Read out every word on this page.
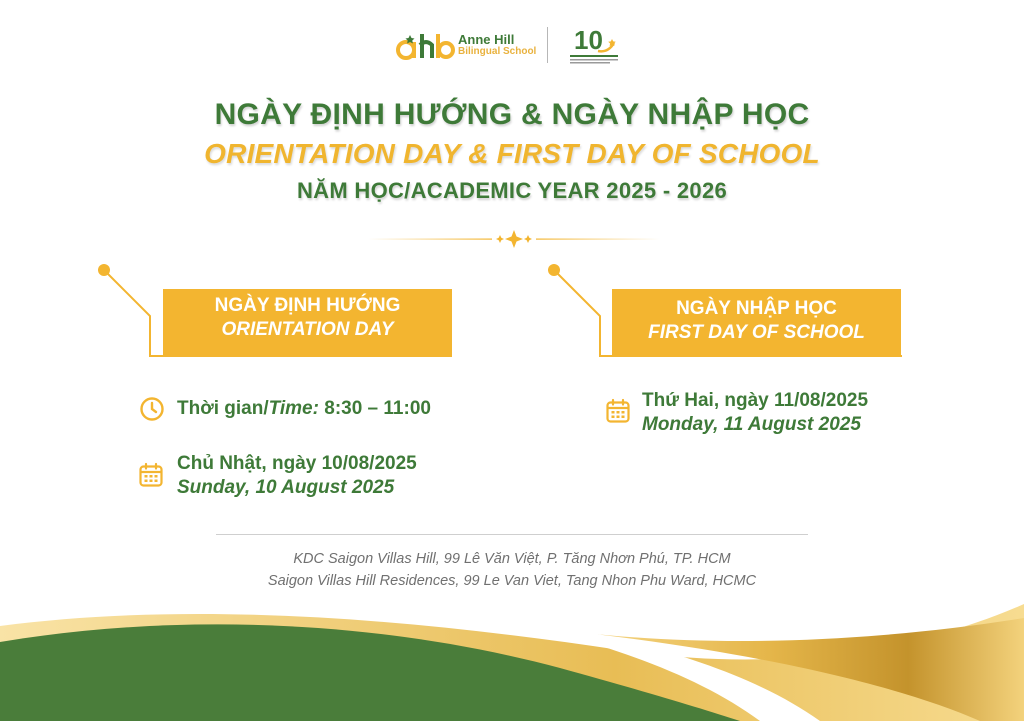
Anne Hill
Bilingual School	10
NGÀY ĐỊNH HƯỚNG & NGÀY NHẬP HỌC
ORIENTATION DAY & FIRST DAY OF SCHOOL
NĂM HỌC/ACADEMIC YEAR 2025 - 2026
NGÀY ĐỊNH HƯỚNG
ORIENTATION DAY
NGÀY NHẬP HỌC
FIRST DAY OF SCHOOL
Thời gian/Time: 8:30 – 11:00
Chủ Nhật, ngày 10/08/2025
Sunday, 10 August 2025
Thứ Hai, ngày 11/08/2025
Monday, 11 August 2025
KDC Saigon Villas Hill, 99 Lê Văn Việt, P. Tăng Nhơn Phú, TP. HCM
Saigon Villas Hill Residences, 99 Le Van Viet, Tang Nhon Phu Ward, HCMC
